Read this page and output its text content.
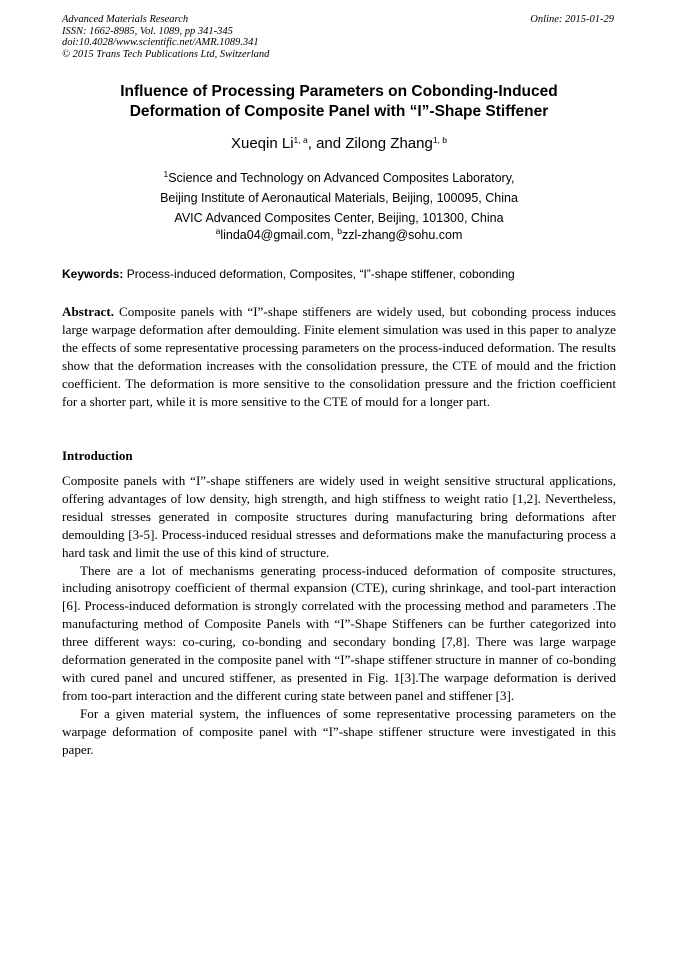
Advanced Materials Research
ISSN: 1662-8985, Vol. 1089, pp 341-345
doi:10.4028/www.scientific.net/AMR.1089.341
© 2015 Trans Tech Publications Ltd, Switzerland
Online: 2015-01-29
Influence of Processing Parameters on Cobonding-Induced
Deformation of Composite Panel with “I”-Shape Stiffener
Xueqin Li$^{1, a}$, and Zilong Zhang$^{1, b}$
$^1$Science and Technology on Advanced Composites Laboratory,
Beijing Institute of Aeronautical Materials, Beijing, 100095, China
AVIC Advanced Composites Center, Beijing, 101300, China
$^a$linda04@gmail.com, $^b$zzl-zhang@sohu.com
Keywords: Process-induced deformation, Composites, “I”-shape stiffener, cobonding
Abstract. Composite panels with “I”-shape stiffeners are widely used, but cobonding process induces large warpage deformation after demoulding. Finite element simulation was used in this paper to analyze the effects of some representative processing parameters on the process-induced deformation. The results show that the deformation increases with the consolidation pressure, the CTE of mould and the friction coefficient. The deformation is more sensitive to the consolidation pressure and the friction coefficient for a shorter part, while it is more sensitive to the CTE of mould for a longer part.
Introduction

Composite panels with “I”-shape stiffeners are widely used in weight sensitive structural applications, offering advantages of low density, high strength, and high stiffness to weight ratio [1,2]. Nevertheless, residual stresses generated in composite structures during manufacturing bring deformations after demoulding [3-5]. Process-induced residual stresses and deformations make the manufacturing process a hard task and limit the use of this kind of structure.

There are a lot of mechanisms generating process-induced deformation of composite structures, including anisotropy coefficient of thermal expansion (CTE), curing shrinkage, and tool-part interaction [6]. Process-induced deformation is strongly correlated with the processing method and parameters .The manufacturing method of Composite Panels with “I”-Shape Stiffeners can be further categorized into three different ways: co-curing, co-bonding and secondary bonding [7,8]. There was large warpage deformation generated in the composite panel with “I”-shape stiffener structure in manner of co-bonding with cured panel and uncured stiffener, as presented in Fig. 1[3].The warpage deformation is derived from too-part interaction and the different curing state between panel and stiffener [3].

For a given material system, the influences of some representative processing parameters on the warpage deformation of composite panel with “I”-shape stiffener structure were investigated in this paper.
